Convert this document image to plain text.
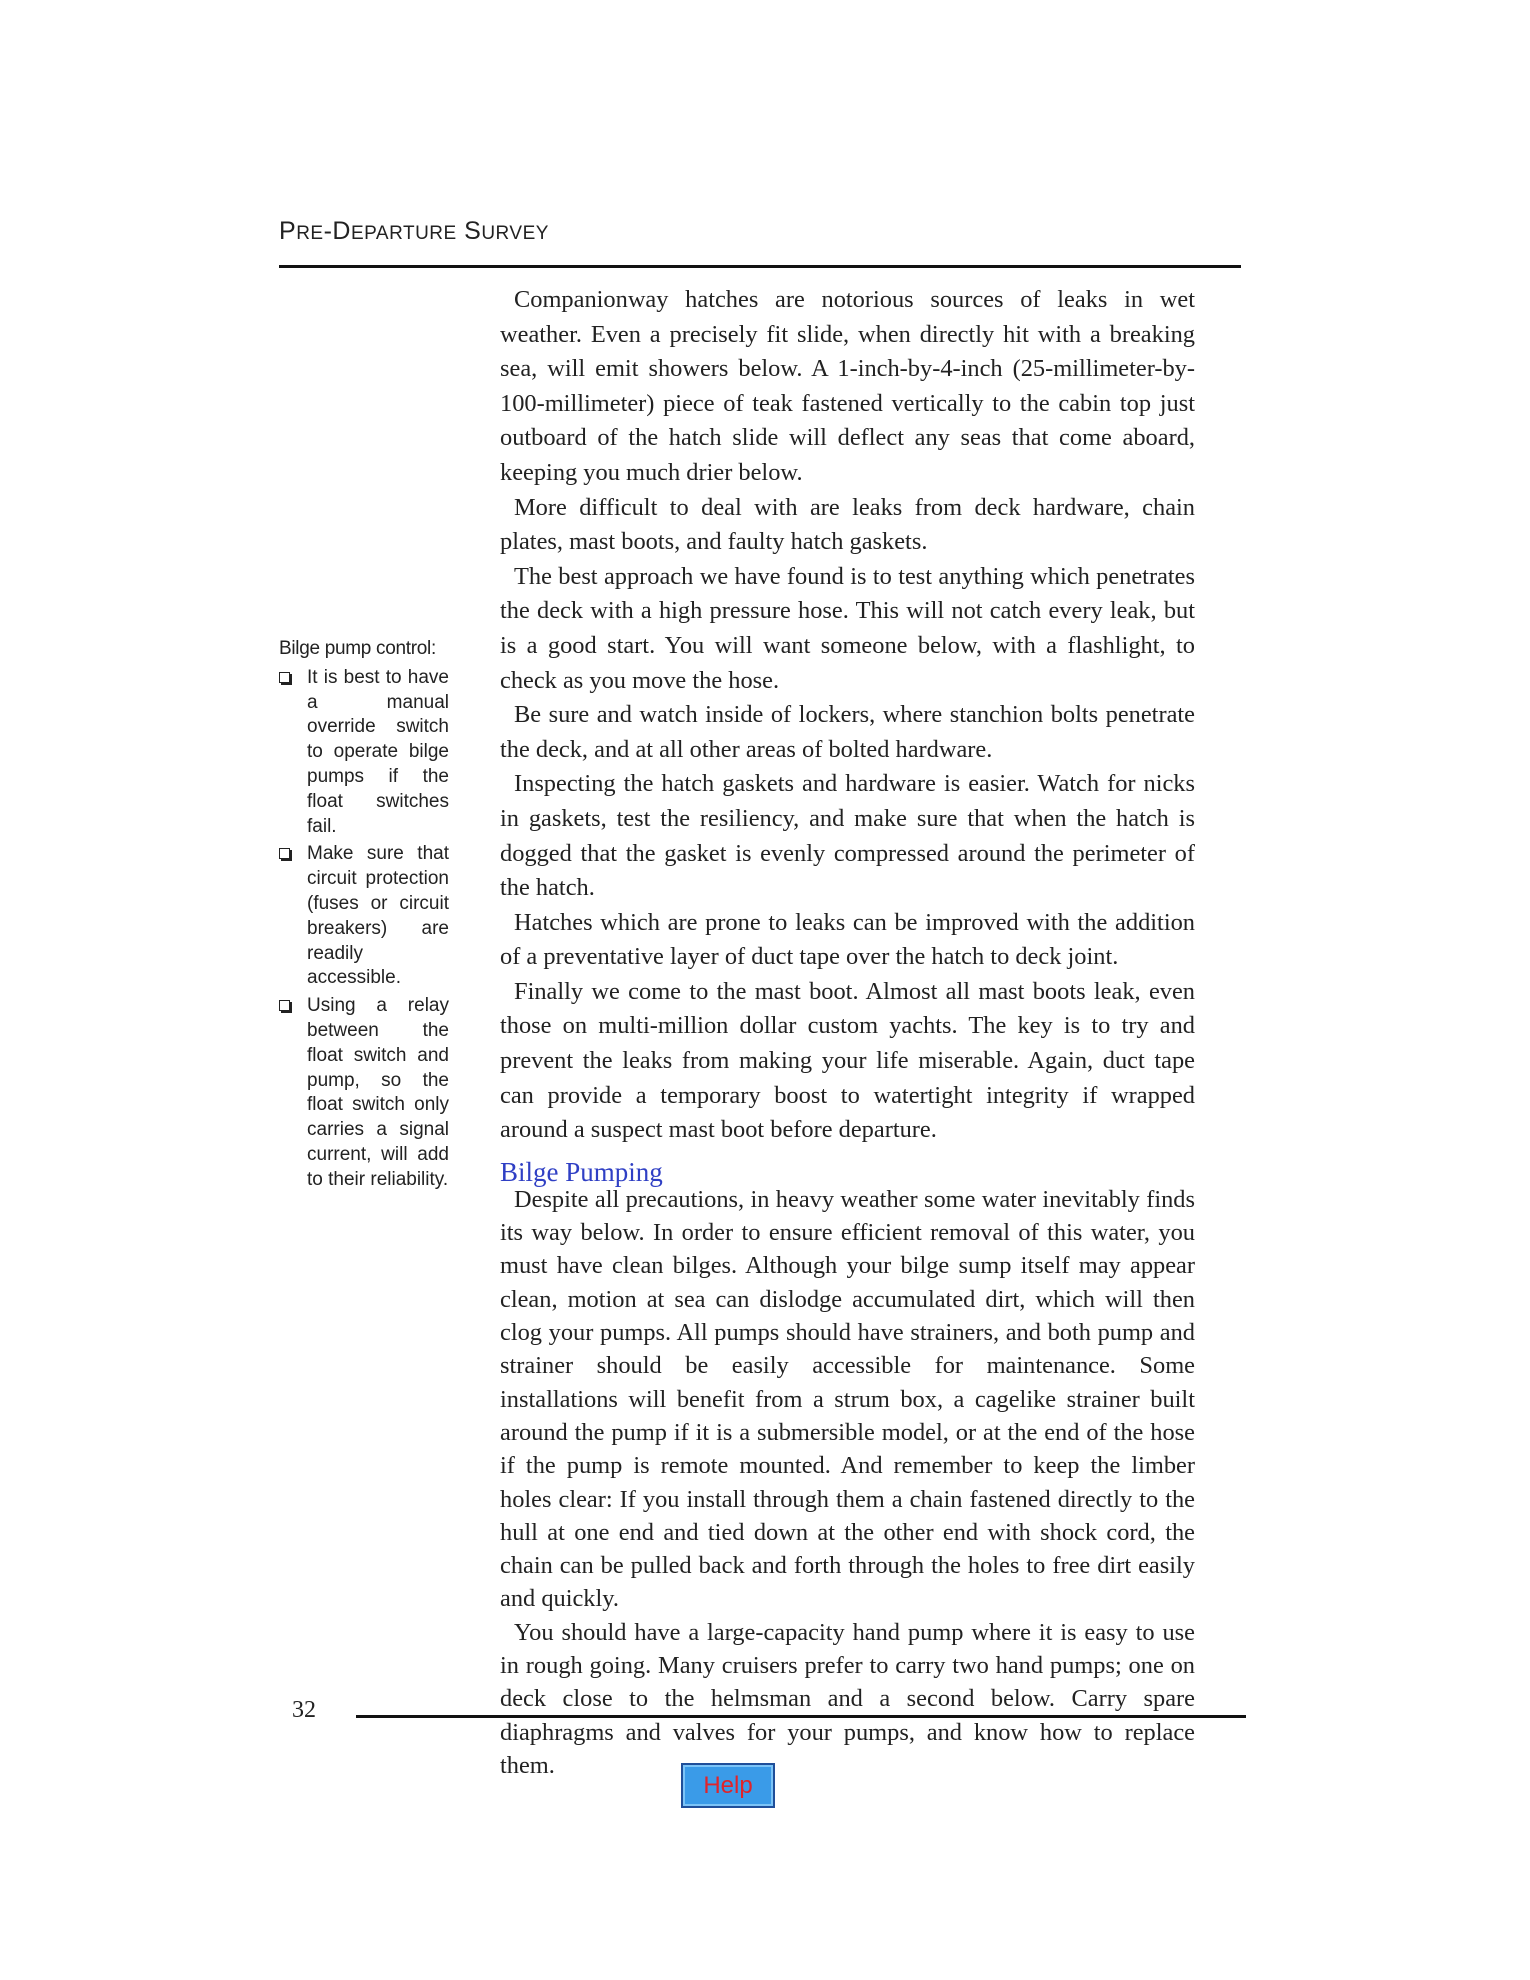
PRE-DEPARTURE SURVEY
Bilge pump control:
It is best to have a manual override switch to operate bilge pumps if the float switches fail.
Make sure that circuit protection (fuses or circuit breakers) are readily accessible.
Using a relay between the float switch and pump, so the float switch only carries a signal current, will add to their reliability.

Companionway hatches are notorious sources of leaks in wet weather. Even a precisely fit slide, when directly hit with a breaking sea, will emit showers below. A 1-inch-by-4-inch (25-millimeter-by-100-millimeter) piece of teak fastened vertically to the cabin top just outboard of the hatch slide will deflect any seas that come aboard, keeping you much drier below.

More difficult to deal with are leaks from deck hardware, chain plates, mast boots, and faulty hatch gaskets.

The best approach we have found is to test anything which penetrates the deck with a high pressure hose. This will not catch every leak, but is a good start. You will want someone below, with a flashlight, to check as you move the hose.

Be sure and watch inside of lockers, where stanchion bolts penetrate the deck, and at all other areas of bolted hardware.

Inspecting the hatch gaskets and hardware is easier. Watch for nicks in gaskets, test the resiliency, and make sure that when the hatch is dogged that the gasket is evenly compressed around the perimeter of the hatch.

Hatches which are prone to leaks can be improved with the addition of a preventative layer of duct tape over the hatch to deck joint.

Finally we come to the mast boot. Almost all mast boots leak, even those on multi-million dollar custom yachts. The key is to try and prevent the leaks from making your life miserable. Again, duct tape can provide a temporary boost to watertight integrity if wrapped around a suspect mast boot before departure.

Bilge Pumping

Despite all precautions, in heavy weather some water inevitably finds its way below. In order to ensure efficient removal of this water, you must have clean bilges. Although your bilge sump itself may appear clean, motion at sea can dislodge accumulated dirt, which will then clog your pumps. All pumps should have strainers, and both pump and strainer should be easily accessible for maintenance. Some installations will benefit from a strum box, a cagelike strainer built around the pump if it is a submersible model, or at the end of the hose if the pump is remote mounted. And remember to keep the limber holes clear: If you install through them a chain fastened directly to the hull at one end and tied down at the other end with shock cord, the chain can be pulled back and forth through the holes to free dirt easily and quickly.

You should have a large-capacity hand pump where it is easy to use in rough going. Many cruisers prefer to carry two hand pumps; one on deck close to the helmsman and a second below. Carry spare diaphragms and valves for your pumps, and know how to replace them.

32
Help
